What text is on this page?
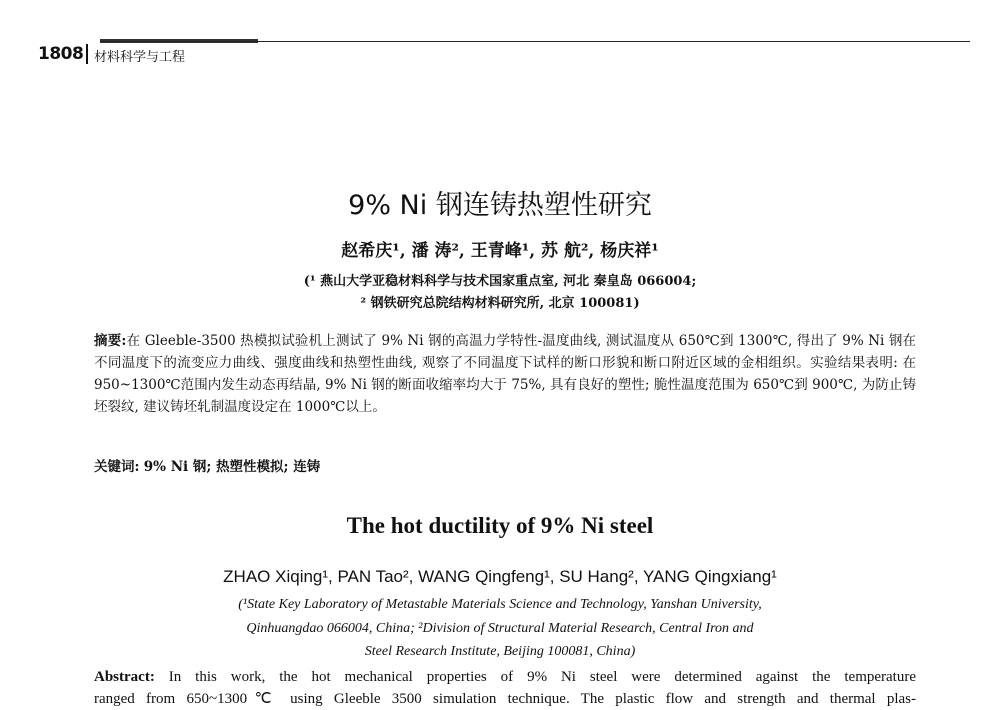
1808 材料科学与工程
9% Ni 钢连铸热塑性研究
赵希庆¹, 潘 涛², 王青峰¹, 苏 航², 杨庆祥¹
(¹ 燕山大学亚稳材料科学与技术国家重点室, 河北 秦皇岛 066004;
² 钢铁研究总院结构材料研究所, 北京 100081)
摘要:在 Gleeble-3500 热模拟试验机上测试了 9% Ni 钢的高温力学特性-温度曲线, 测试温度从 650℃到 1300℃, 得出了 9% Ni 钢在不同温度下的流变应力曲线、强度曲线和热塑性曲线, 观察了不同温度下试样的断口形貌和断口附近区域的金相组织。实验结果表明: 在 950~1300℃范围内发生动态再结晶, 9% Ni 钢的断面收缩率均大于 75%, 具有良好的塑性; 脆性温度范围为 650℃到 900℃, 为防止铸坯裂纹, 建议铸坯轧制温度设定在 1000℃以上。
关键词: 9% Ni 钢; 热塑性模拟; 连铸
The hot ductility of 9% Ni steel
ZHAO Xiqing¹, PAN Tao², WANG Qingfeng¹, SU Hang², YANG Qingxiang¹
(¹State Key Laboratory of Metastable Materials Science and Technology, Yanshan University,
Qinhuangdao 066004, China; ²Division of Structural Material Research, Central Iron and
Steel Research Institute, Beijing 100081, China)
Abstract: In this work, the hot mechanical properties of 9% Ni steel were determined against the temperature
ranged from 650~1300℃ using Gleeble 3500 simulation technique. The plastic flow and strength and thermal plas-
